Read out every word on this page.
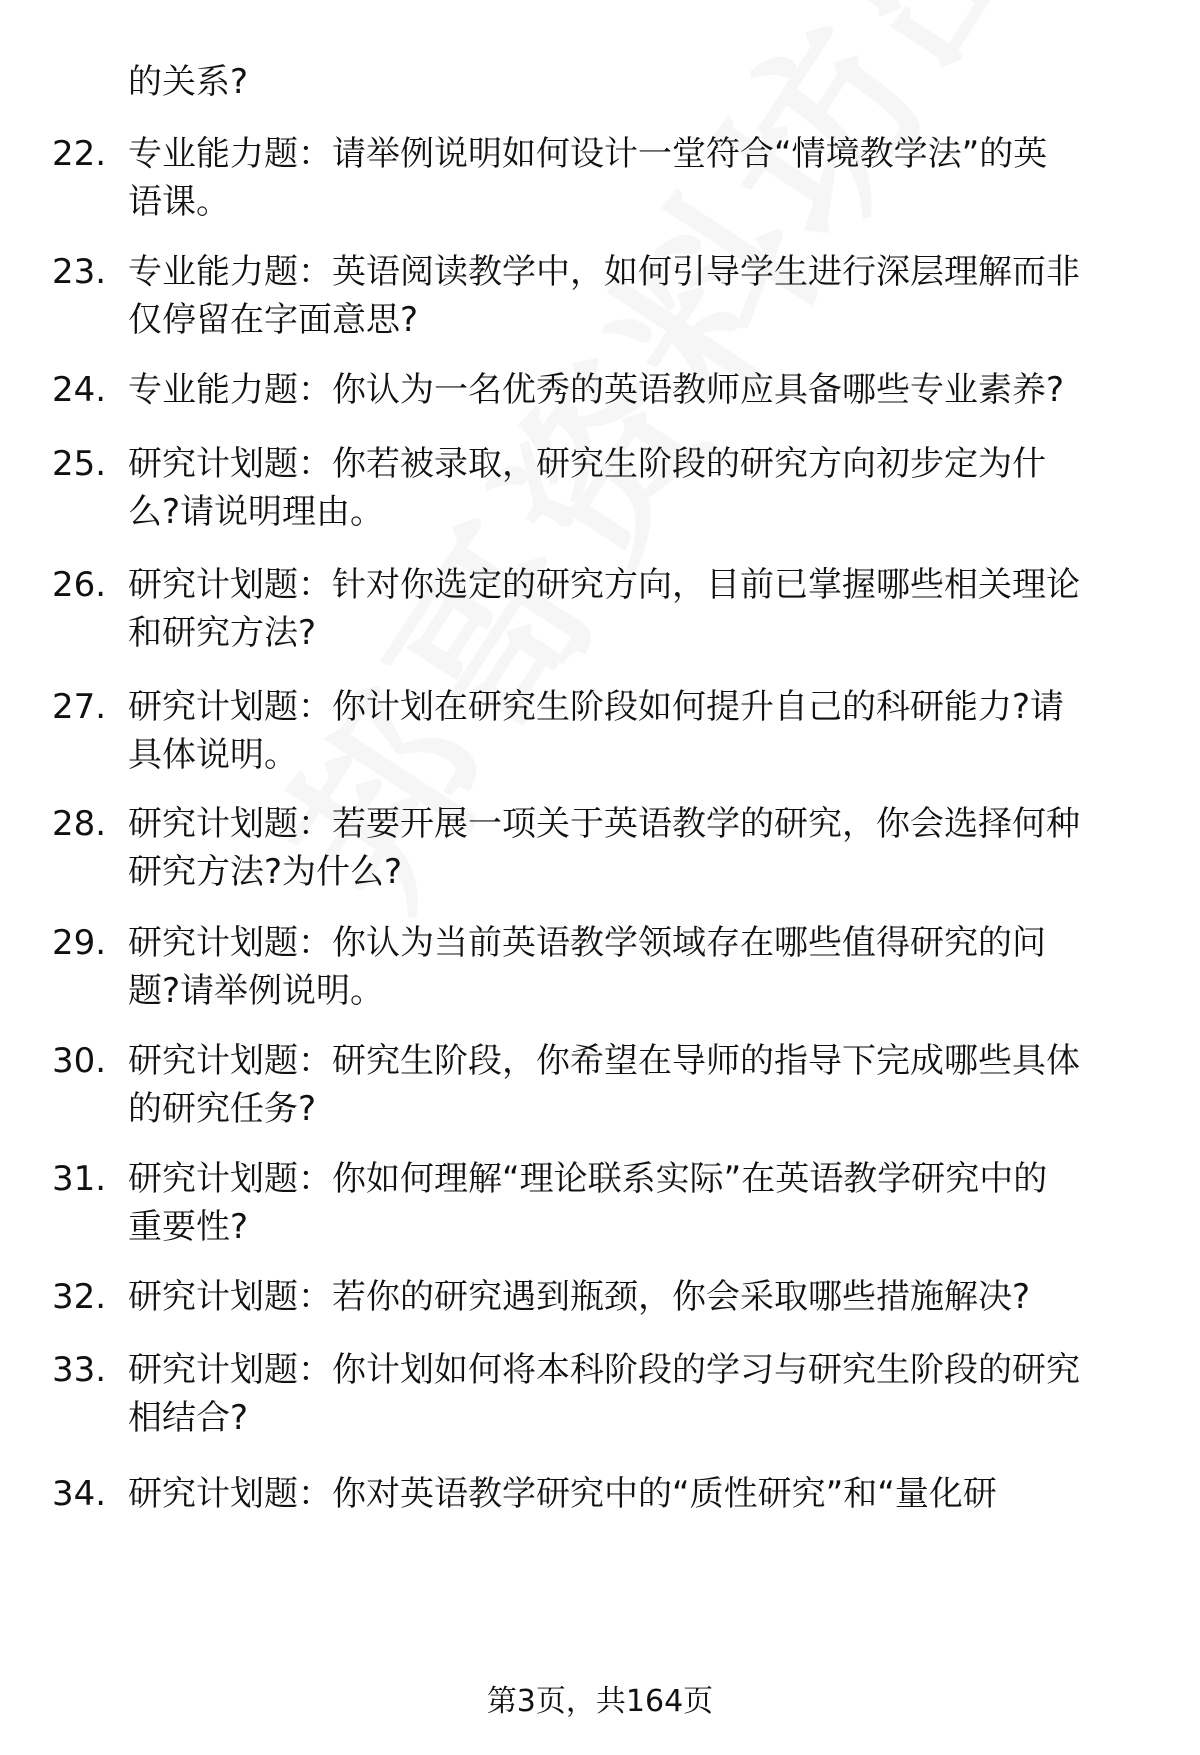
的关系?
22. 专业能力题：请举例说明如何设计一堂符合“情境教学法”的英
语课。
23. 专业能力题：英语阅读教学中，如何引导学生进行深层理解而非
仅停留在字面意思?
24. 专业能力题：你认为一名优秀的英语教师应具备哪些专业素养?
25. 研究计划题：你若被录取，研究生阶段的研究方向初步定为什
么?请说明理由。
26. 研究计划题：针对你选定的研究方向，目前已掌握哪些相关理论
和研究方法?
27. 研究计划题：你计划在研究生阶段如何提升自己的科研能力?请
具体说明。
28. 研究计划题：若要开展一项关于英语教学的研究，你会选择何种
研究方法?为什么?
29. 研究计划题：你认为当前英语教学领域存在哪些值得研究的问
题?请举例说明。
30. 研究计划题：研究生阶段，你希望在导师的指导下完成哪些具体
的研究任务?
31. 研究计划题：你如何理解“理论联系实际”在英语教学研究中的
重要性?
32. 研究计划题：若你的研究遇到瓶颈，你会采取哪些措施解决?
33. 研究计划题：你计划如何将本科阶段的学习与研究生阶段的研究
相结合?
34. 研究计划题：你对英语教学研究中的“质性研究”和“量化研
第3页，共164页
